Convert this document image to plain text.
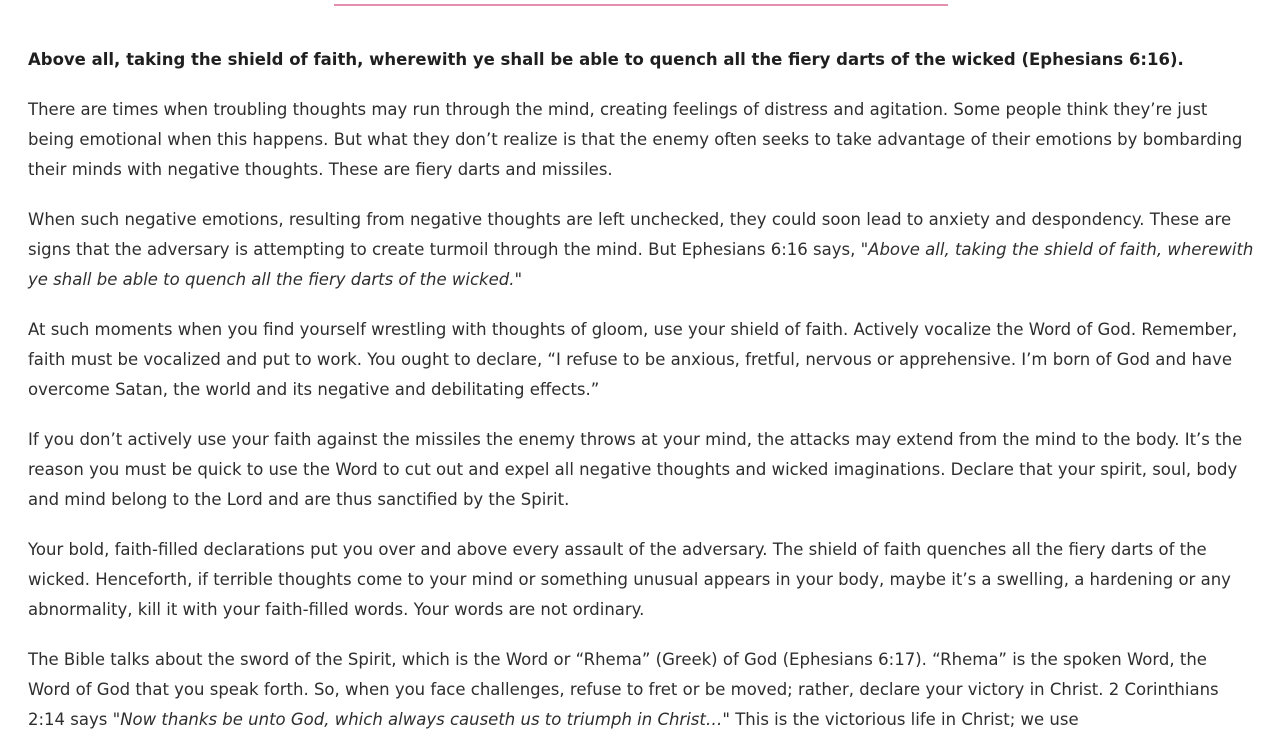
Above all, taking the shield of faith, wherewith ye shall be able to quench all the fiery darts of the wicked (Ephesians 6:16).

There are times when troubling thoughts may run through the mind, creating feelings of distress and agitation. Some people think they’re just being emotional when this happens. But what they don’t realize is that the enemy often seeks to take advantage of their emotions by bombarding their minds with negative thoughts. These are fiery darts and missiles.

When such negative emotions, resulting from negative thoughts are left unchecked, they could soon lead to anxiety and despondency. These are signs that the adversary is attempting to create turmoil through the mind. But Ephesians 6:16 says, "Above all, taking the shield of faith, wherewith ye shall be able to quench all the fiery darts of the wicked."

At such moments when you find yourself wrestling with thoughts of gloom, use your shield of faith. Actively vocalize the Word of God. Remember, faith must be vocalized and put to work. You ought to declare, “I refuse to be anxious, fretful, nervous or apprehensive. I’m born of God and have overcome Satan, the world and its negative and debilitating effects.”

If you don’t actively use your faith against the missiles the enemy throws at your mind, the attacks may extend from the mind to the body. It’s the reason you must be quick to use the Word to cut out and expel all negative thoughts and wicked imaginations. Declare that your spirit, soul, body and mind belong to the Lord and are thus sanctified by the Spirit.

Your bold, faith-filled declarations put you over and above every assault of the adversary. The shield of faith quenches all the fiery darts of the wicked. Henceforth, if terrible thoughts come to your mind or something unusual appears in your body, maybe it’s a swelling, a hardening or any abnormality, kill it with your faith-filled words. Your words are not ordinary.

The Bible talks about the sword of the Spirit, which is the Word or “Rhema” (Greek) of God (Ephesians 6:17). “Rhema” is the spoken Word, the Word of God that you speak forth. So, when you face challenges, refuse to fret or be moved; rather, declare your victory in Christ. 2 Corinthians 2:14 says "Now thanks be unto God, which always causeth us to triumph in Christ…" This is the victorious life in Christ; we use
